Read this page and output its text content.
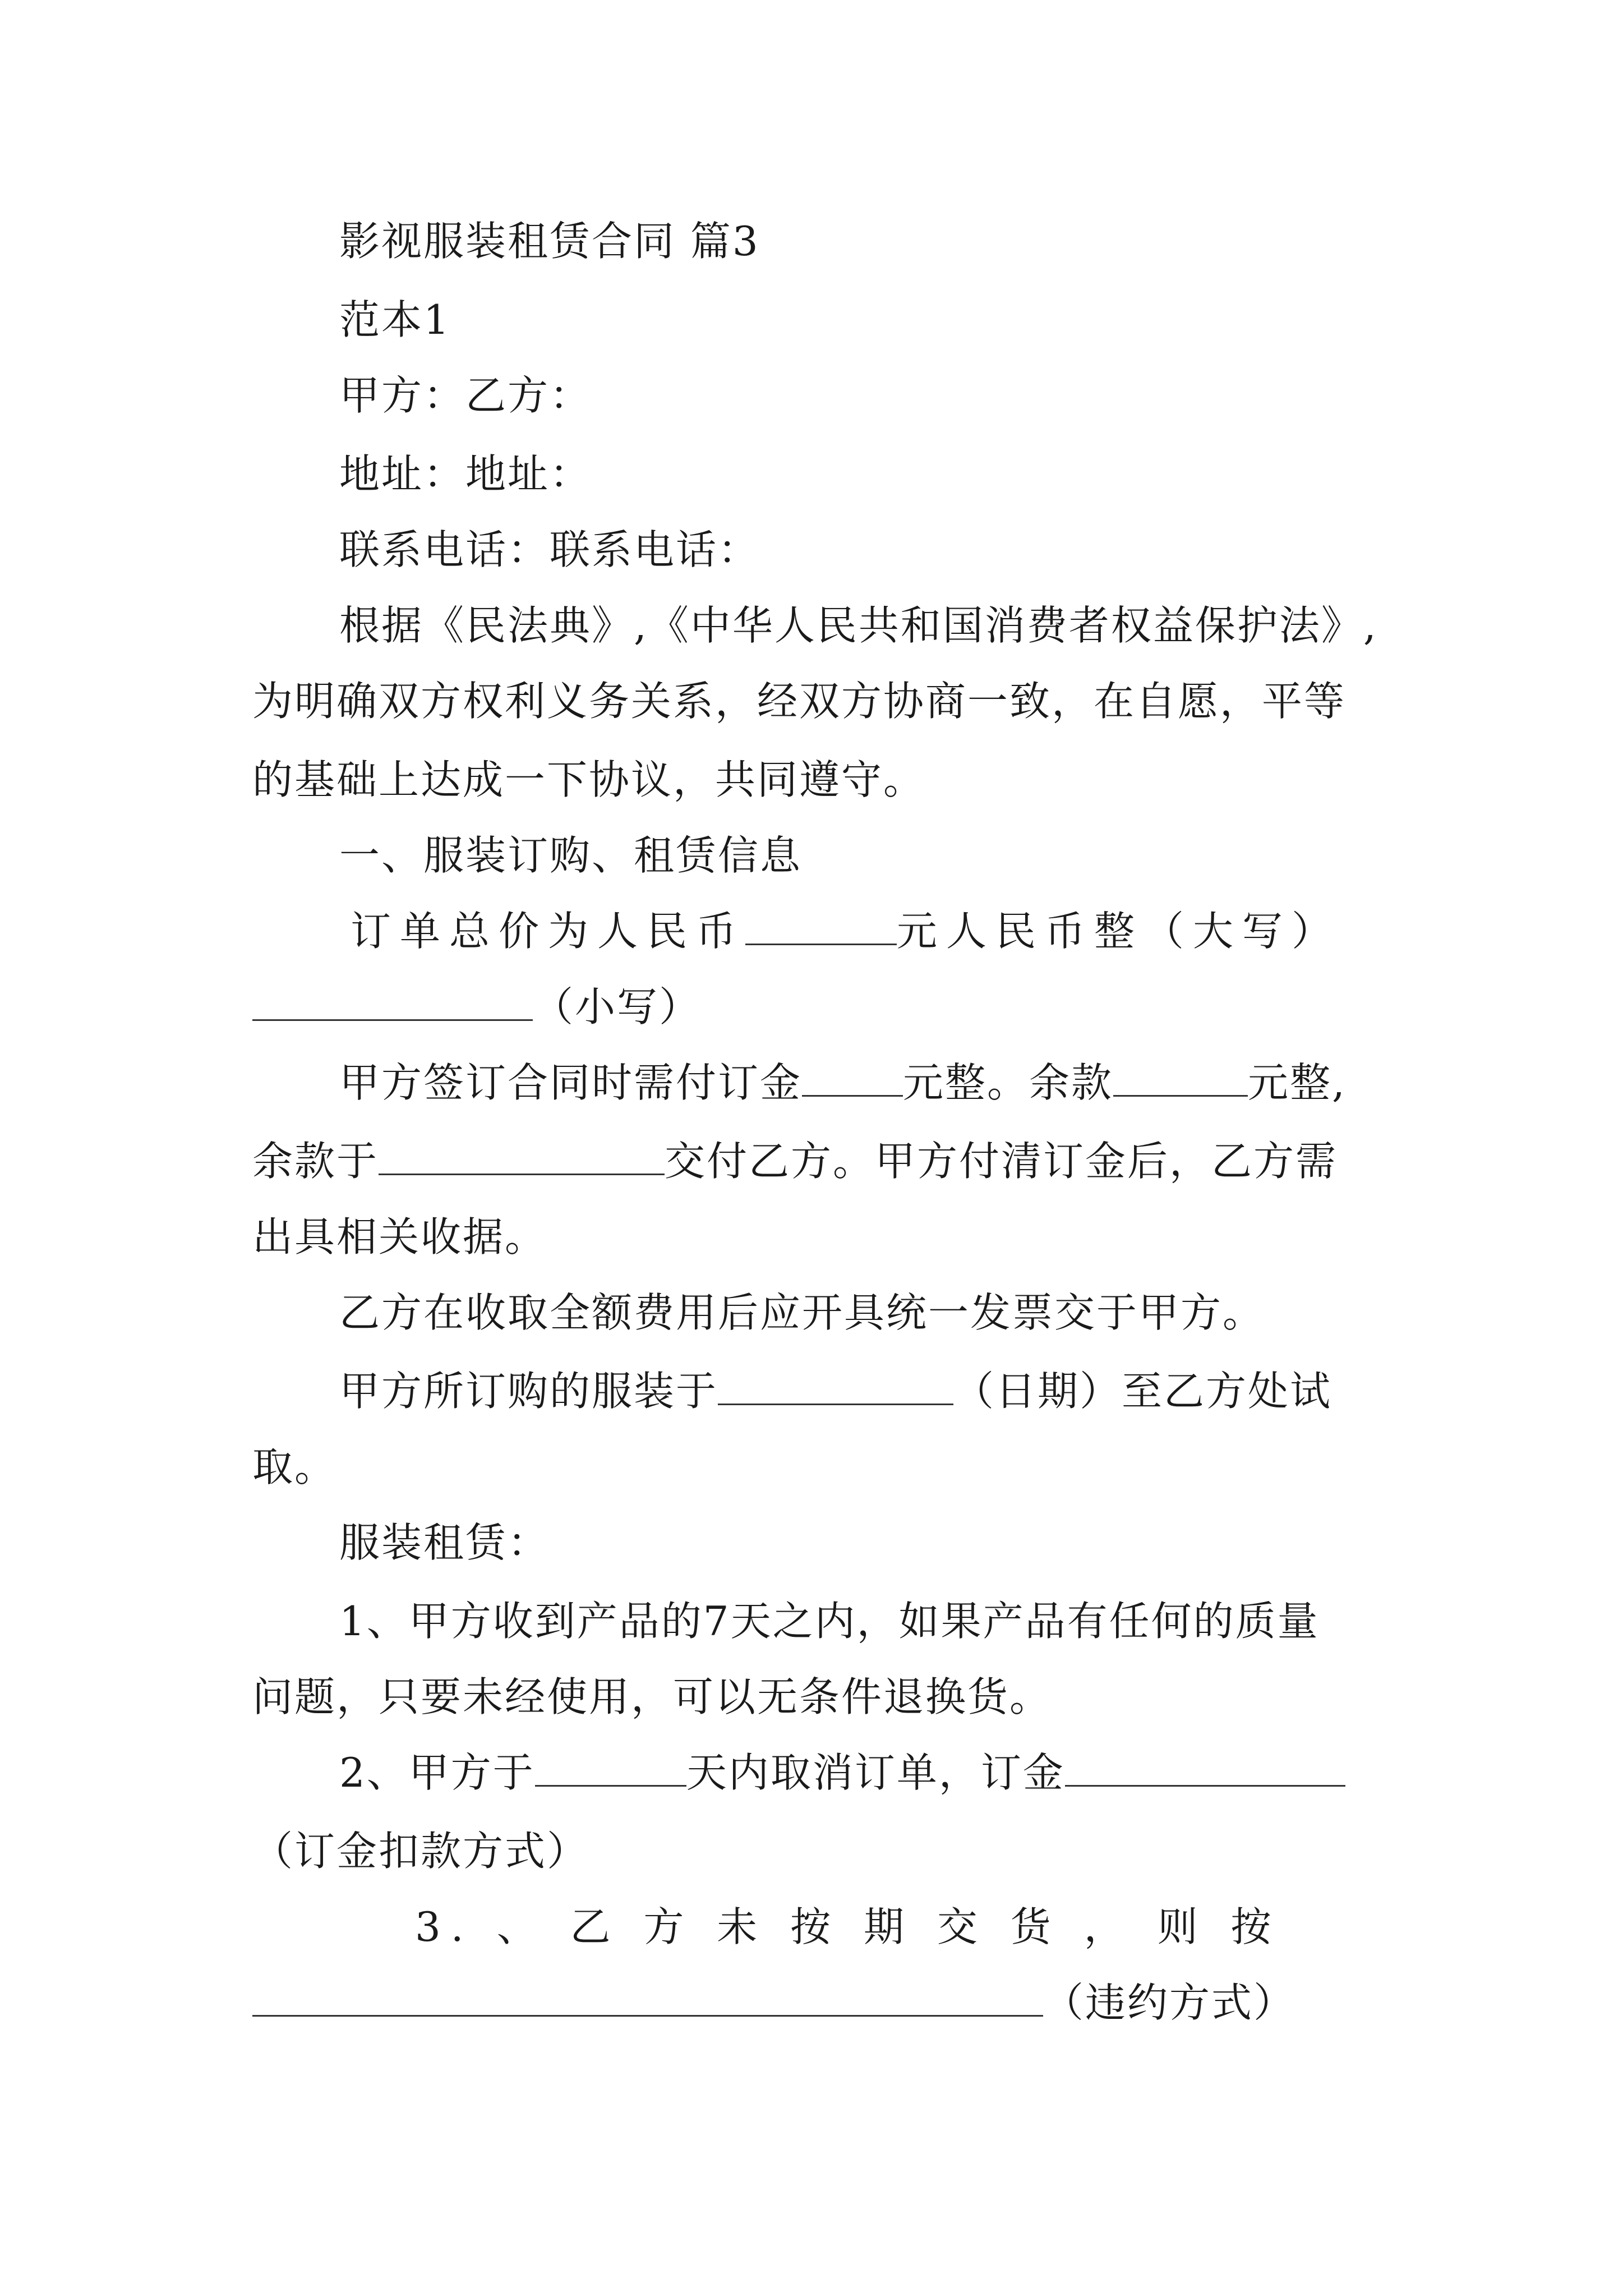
影视服装租赁合同 篇3
范本1
甲方：乙方：
地址：地址：
联系电话：联系电话：
根据《民法典》,《中华人民共和国消费者权益保护法》,
为明确双方权利义务关系，经双方协商一致，在自愿，平等
的基础上达成一下协议，共同遵守。
一、服装订购、租赁信息
订单总价为人民币	元人民币整（大写）
（小写）
甲方签订合同时需付订金	元整。余款	元整,
余款于	交付乙方。甲方付清订金后，乙方需
出具相关收据。
乙方在收取全额费用后应开具统一发票交于甲方。
甲方所订购的服装于	（日期）至乙方处试
取。
服装租赁：
1、甲方收到产品的7天之内，如果产品有任何的质量
问题，只要未经使用，可以无条件退换货。
2、甲方于	天内取消订单，订金
（订金扣款方式）
3. 、 乙 方 未 按 期 交 货 ， 则 按
（违约方式）
